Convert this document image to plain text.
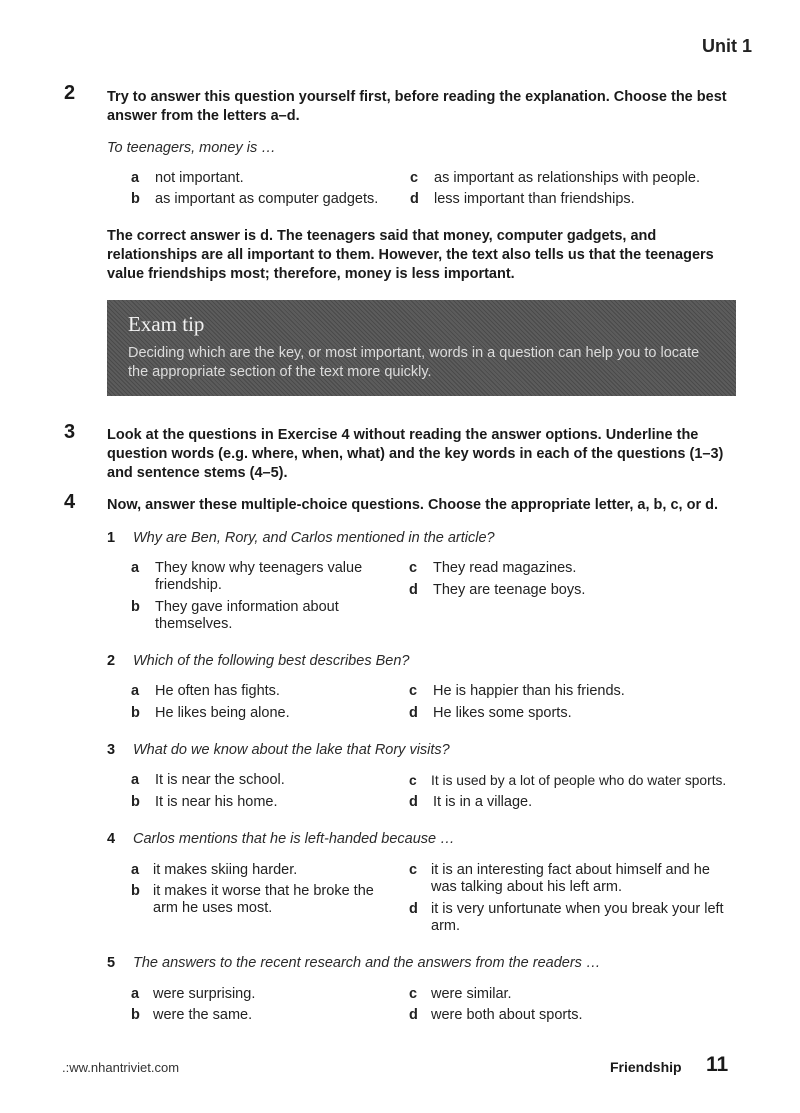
Unit 1
2 Try to answer this question yourself first, before reading the explanation. Choose the best answer from the letters a–d.
To teenagers, money is …
a not important.
b as important as computer gadgets.
c as important as relationships with people.
d less important than friendships.
The correct answer is d. The teenagers said that money, computer gadgets, and relationships are all important to them. However, the text also tells us that the teenagers value friendships most; therefore, money is less important.
Exam tip
Deciding which are the key, or most important, words in a question can help you to locate the appropriate section of the text more quickly.
3 Look at the questions in Exercise 4 without reading the answer options. Underline the question words (e.g. where, when, what) and the key words in each of the questions (1–3) and sentence stems (4–5).
4 Now, answer these multiple-choice questions. Choose the appropriate letter, a, b, c, or d.
1 Why are Ben, Rory, and Carlos mentioned in the article?
a They know why teenagers value friendship.
b They gave information about themselves.
c They read magazines.
d They are teenage boys.
2 Which of the following best describes Ben?
a He often has fights.
b He likes being alone.
c He is happier than his friends.
d He likes some sports.
3 What do we know about the lake that Rory visits?
a It is near the school.
b It is near his home.
c It is used by a lot of people who do water sports.
d It is in a village.
4 Carlos mentions that he is left-handed because …
a it makes skiing harder.
b it makes it worse that he broke the arm he uses most.
c it is an interesting fact about himself and he was talking about his left arm.
d it is very unfortunate when you break your left arm.
5 The answers to the recent research and the answers from the readers …
a were surprising.
b were the same.
c were similar.
d were both about sports.
.:ww.nhantriviet.com	Friendship 11
